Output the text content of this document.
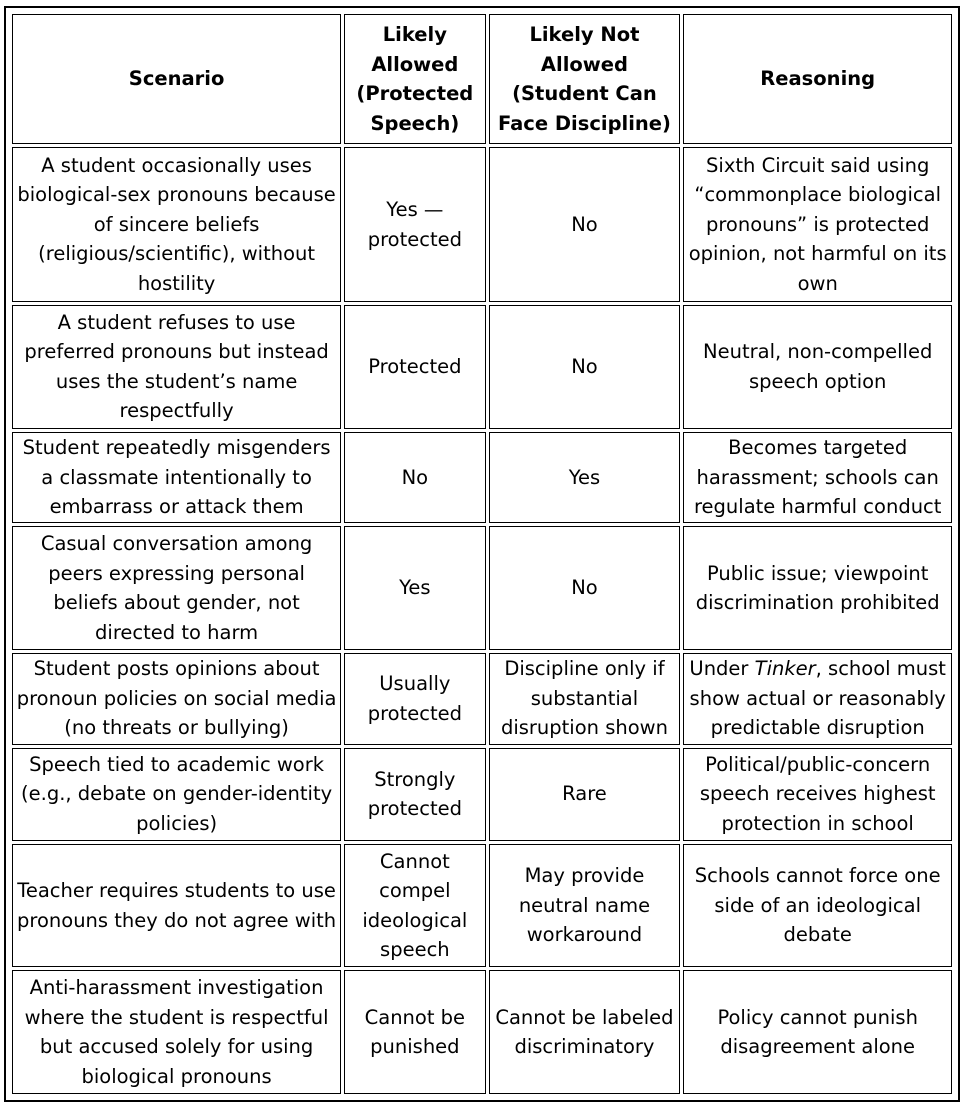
Scenario	Likely Allowed (Protected Speech)	Likely Not Allowed (Student Can Face Discipline)	Reasoning
A student occasionally uses biological-sex pronouns because of sincere beliefs (religious/scientific), without hostility	Yes — protected	No	Sixth Circuit said using “commonplace biological pronouns” is protected opinion, not harmful on its own
A student refuses to use preferred pronouns but instead uses the student’s name respectfully	Protected	No	Neutral, non-compelled speech option
Student repeatedly misgenders a classmate intentionally to embarrass or attack them	No	Yes	Becomes targeted harassment; schools can regulate harmful conduct
Casual conversation among peers expressing personal beliefs about gender, not directed to harm	Yes	No	Public issue; viewpoint discrimination prohibited
Student posts opinions about pronoun policies on social media (no threats or bullying)	Usually protected	Discipline only if substantial disruption shown	Under Tinker, school must show actual or reasonably predictable disruption
Speech tied to academic work (e.g., debate on gender-identity policies)	Strongly protected	Rare	Political/public-concern speech receives highest protection in school
Teacher requires students to use pronouns they do not agree with	Cannot compel ideological speech	May provide neutral name workaround	Schools cannot force one side of an ideological debate
Anti-harassment investigation where the student is respectful but accused solely for using biological pronouns	Cannot be punished	Cannot be labeled discriminatory	Policy cannot punish disagreement alone
